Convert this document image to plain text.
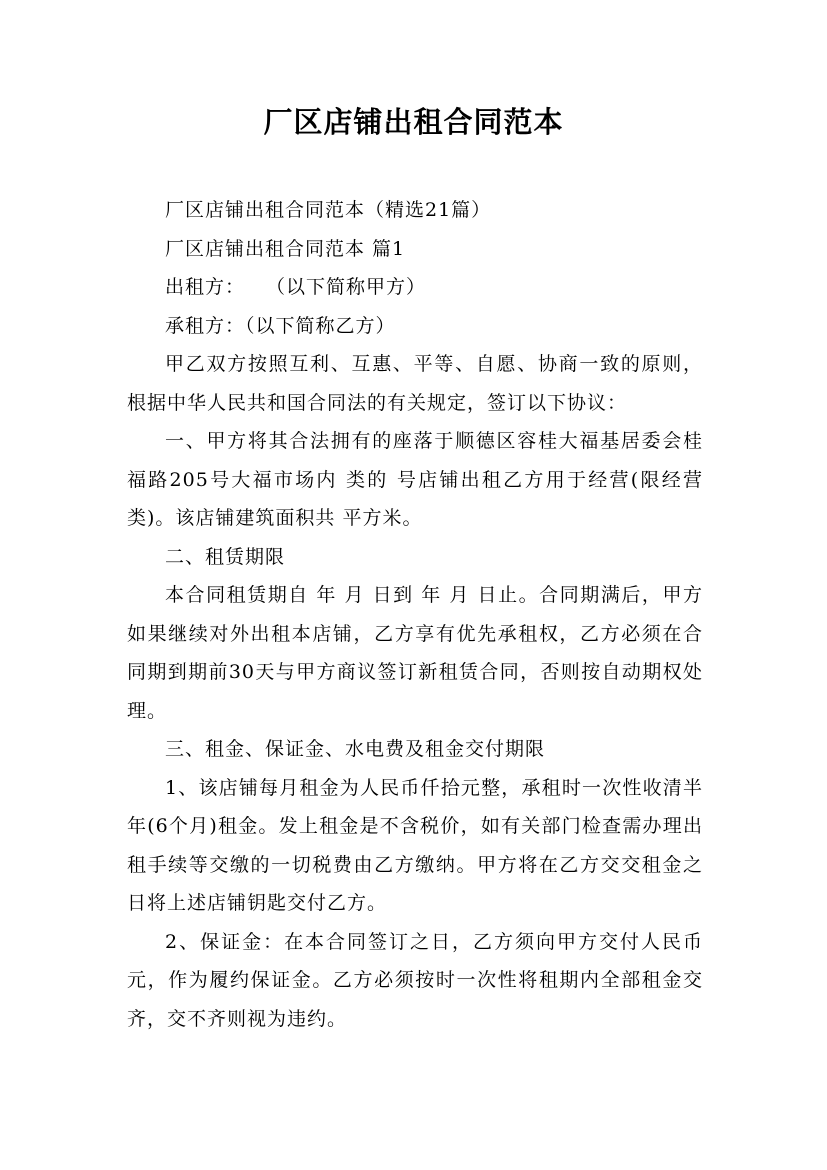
厂区店铺出租合同范本

厂区店铺出租合同范本（精选21篇）

厂区店铺出租合同范本 篇1

出租方：　　（以下简称甲方）

承租方：（以下简称乙方）

甲乙双方按照互利、互惠、平等、自愿、协商一致的原则，根据中华人民共和国合同法的有关规定，签订以下协议：

一、甲方将其合法拥有的座落于顺德区容桂大福基居委会桂福路205号大福市场内 类的 号店铺出租乙方用于经营(限经营 类)。该店铺建筑面积共 平方米。

二、租赁期限

本合同租赁期自 年 月 日到 年 月 日止。合同期满后，甲方如果继续对外出租本店铺，乙方享有优先承租权，乙方必须在合同期到期前30天与甲方商议签订新租赁合同，否则按自动期权处理。

三、租金、保证金、水电费及租金交付期限

1、该店铺每月租金为人民币仟拾元整，承租时一次性收清半年(6个月)租金。发上租金是不含税价，如有关部门检查需办理出租手续等交缴的一切税费由乙方缴纳。甲方将在乙方交交租金之日将上述店铺钥匙交付乙方。

2、保证金：在本合同签订之日，乙方须向甲方交付人民币元，作为履约保证金。乙方必须按时一次性将租期内全部租金交齐，交不齐则视为违约。
